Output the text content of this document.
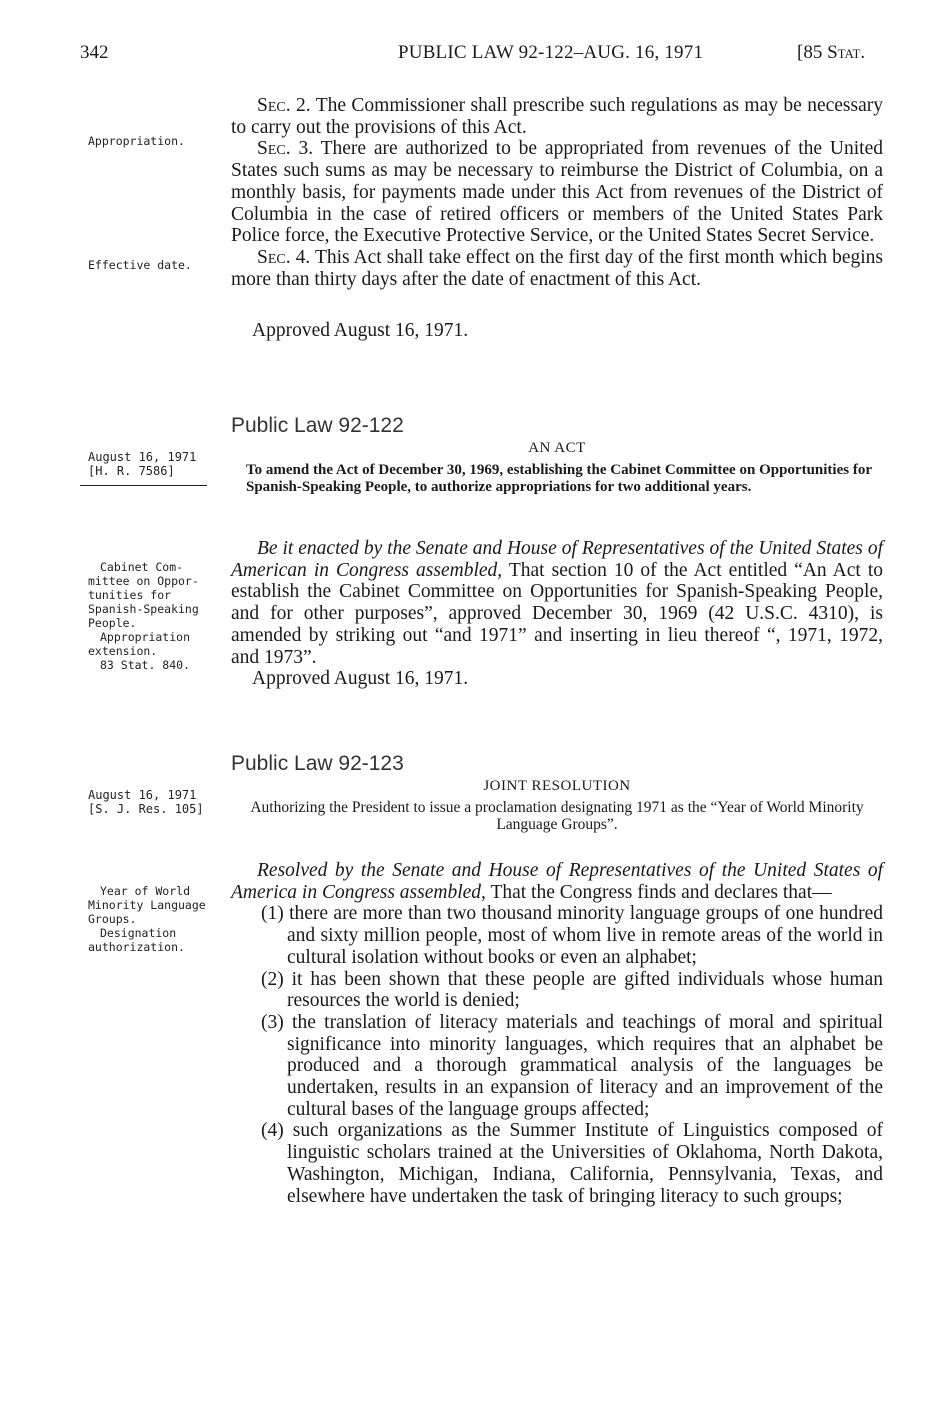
342	PUBLIC LAW 92-122–AUG. 16, 1971	[85 Stat.
Appropriation.
Effective date.
August 16, 1971
[H. R. 7586]
Cabinet Com-
mittee on Oppor-
tunities for
Spanish-Speaking
People.
Appropriation
extension.
83 Stat. 840.
August 16, 1971
[S. J. Res. 105]
Year of World
Minority Language
Groups.
Designation
authorization.

Sec. 2. The Commissioner shall prescribe such regulations as may be necessary to carry out the provisions of this Act.

Sec. 3. There are authorized to be appropriated from revenues of the United States such sums as may be necessary to reimburse the District of Columbia, on a monthly basis, for payments made under this Act from revenues of the District of Columbia in the case of retired officers or members of the United States Park Police force, the Executive Protective Service, or the United States Secret Service.

Sec. 4. This Act shall take effect on the first day of the first month which begins more than thirty days after the date of enactment of this Act.

Approved August 16, 1971.
Public Law 92-122
AN ACT
To amend the Act of December 30, 1969, establishing the Cabinet Committee on Opportunities for Spanish-Speaking People, to authorize appropriations for two additional years.

Be it enacted by the Senate and House of Representatives of the United States of American in Congress assembled, That section 10 of the Act entitled “An Act to establish the Cabinet Committee on Opportunities for Spanish-Speaking People, and for other purposes”, approved December 30, 1969 (42 U.S.C. 4310), is amended by striking out “and 1971” and inserting in lieu thereof “, 1971, 1972, and 1973”.

Approved August 16, 1971.
Public Law 92-123
JOINT RESOLUTION
Authorizing the President to issue a proclamation designating 1971 as the “Year of World Minority Language Groups”.

Resolved by the Senate and House of Representatives of the United States of America in Congress assembled, That the Congress finds and declares that—

(1) there are more than two thousand minority language groups of one hundred and sixty million people, most of whom live in remote areas of the world in cultural isolation without books or even an alphabet;

(2) it has been shown that these people are gifted individuals whose human resources the world is denied;

(3) the translation of literacy materials and teachings of moral and spiritual significance into minority languages, which requires that an alphabet be produced and a thorough grammatical analysis of the languages be undertaken, results in an expansion of literacy and an improvement of the cultural bases of the language groups affected;

(4) such organizations as the Summer Institute of Linguistics composed of linguistic scholars trained at the Universities of Oklahoma, North Dakota, Washington, Michigan, Indiana, California, Pennsylvania, Texas, and elsewhere have undertaken the task of bringing literacy to such groups;
